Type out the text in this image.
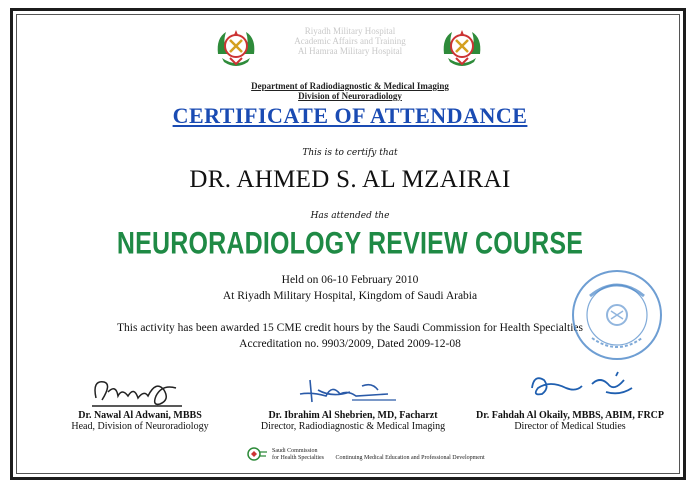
Riyadh Military Hospital
Academic Affairs and Training
Al Hamraa Military Hospital
Department of Radiodiagnostic & Medical Imaging
Division of Neuroradiology
CERTIFICATE OF ATTENDANCE
This is to certify that
DR. AHMED S. AL MZAIRAI
Has attended the
NEURORADIOLOGY REVIEW COURSE
Held on 06-10 February 2010
At Riyadh Military Hospital, Kingdom of Saudi Arabia
This activity has been awarded 15 CME credit hours by the Saudi Commission for Health Specialties
Accreditation no. 9903/2009, Dated 2009-12-08
Dr. Nawal Al Adwani, MBBS
Head, Division of Neuroradiology
Dr. Ibrahim Al Shebrien, MD, Facharzt
Director, Radiodiagnostic & Medical Imaging
Dr. Fahdah Al Okaily, MBBS, ABIM, FRCP
Director of Medical Studies
Saudi Commission
for Health Specialties Continuing Medical Education and Professional Development
